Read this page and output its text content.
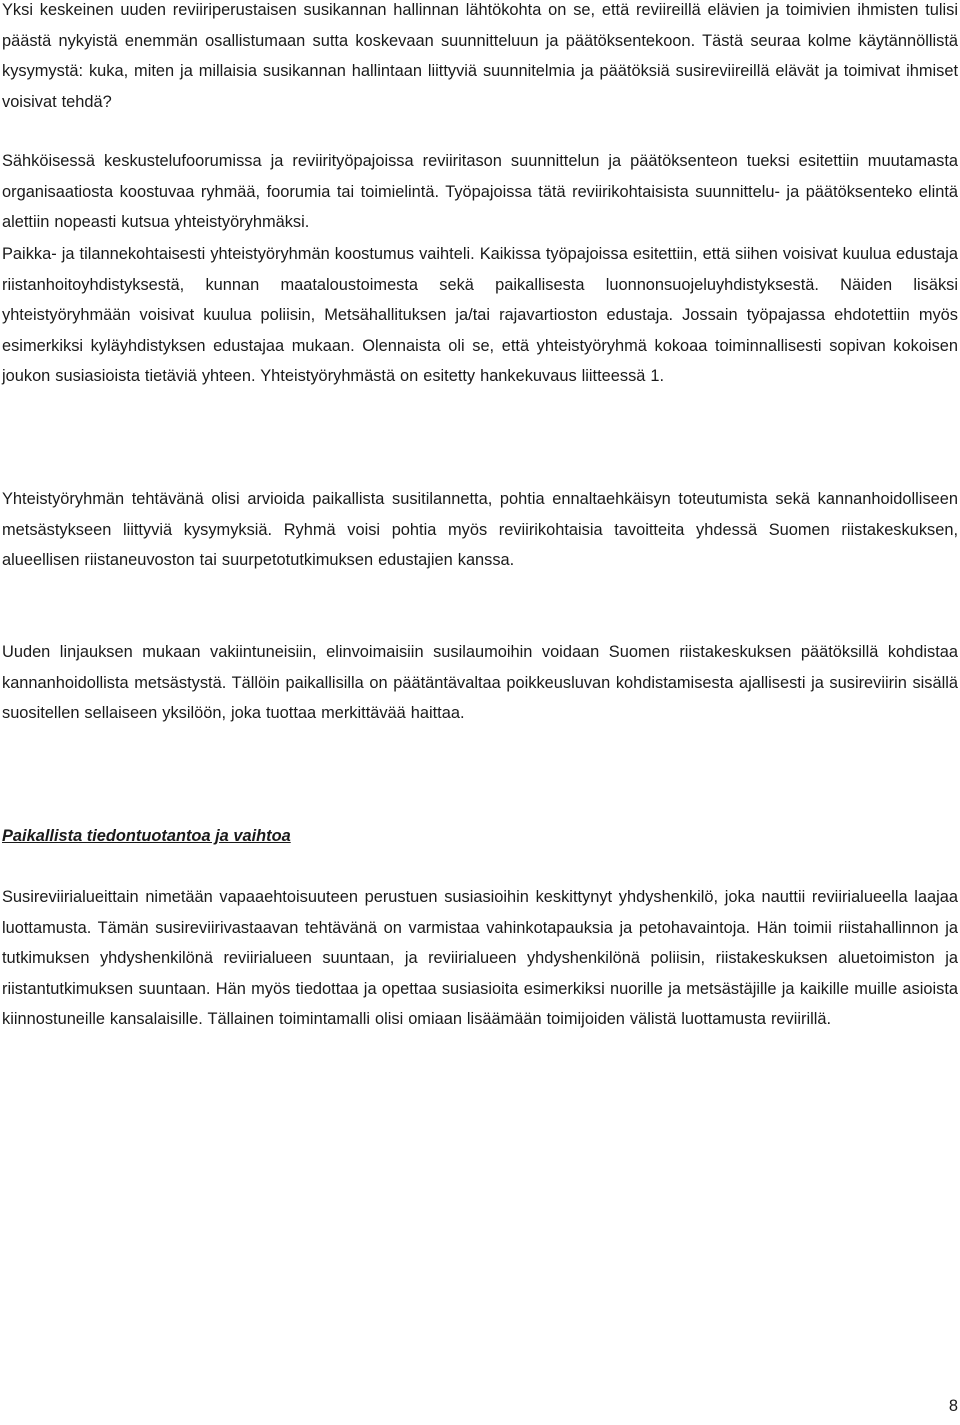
Yksi keskeinen uuden reviiriperustaisen susikannan hallinnan lähtökohta on se, että reviireillä elävien ja toimivien ihmisten tulisi päästä nykyistä enemmän osallistumaan sutta koskevaan suunnitteluun ja päätöksentekoon. Tästä seuraa kolme käytännöllistä kysymystä: kuka, miten ja millaisia susikannan hallintaan liittyviä suunnitelmia ja päätöksiä susireviireillä elävät ja toimivat ihmiset voisivat tehdä?

Sähköisessä keskustelufoorumissa ja reviirityöpajoissa reviiritason suunnittelun ja päätöksenteon tueksi esitettiin muutamasta organisaatiosta koostuvaa ryhmää, foorumia tai toimielintä. Työpajoissa tätä reviirikohtaisista suunnittelu- ja päätöksenteko elintä alettiin nopeasti kutsua yhteistyöryhmäksi.

Paikka- ja tilannekohtaisesti yhteistyöryhmän koostumus vaihteli. Kaikissa työpajoissa esitettiin, että siihen voisivat kuulua edustaja riistanhoitoyhdistyksestä, kunnan maataloustoimesta sekä paikallisesta luonnonsuojeluyhdistyksestä. Näiden lisäksi yhteistyöryhmään voisivat kuulua poliisin, Metsähallituksen ja/tai rajavartioston edustaja. Jossain työpajassa ehdotettiin myös esimerkiksi kyläyhdistyksen edustajaa mukaan. Olennaista oli se, että yhteistyöryhmä kokoaa toiminnallisesti sopivan kokoisen joukon susiasioista tietäviä yhteen. Yhteistyöryhmästä on esitetty hankekuvaus liitteessä 1.

Yhteistyöryhmän tehtävänä olisi arvioida paikallista susitilannetta, pohtia ennaltaehkäisyn toteutumista sekä kannanhoidolliseen metsästykseen liittyviä kysymyksiä. Ryhmä voisi pohtia myös reviirikohtaisia tavoitteita yhdessä Suomen riistakeskuksen, alueellisen riistaneuvoston tai suurpetotutkimuksen edustajien kanssa.

Uuden linjauksen mukaan vakiintuneisiin, elinvoimaisiin susilaumoihin voidaan Suomen riistakeskuksen päätöksillä kohdistaa kannanhoidollista metsästystä. Tällöin paikallisilla on päätäntävaltaa poikkeusluvan kohdistamisesta ajallisesti ja susireviirin sisällä suositellen sellaiseen yksilöön, joka tuottaa merkittävää haittaa.

Paikallista tiedontuotantoa ja vaihtoa

Susireviirialueittain nimetään vapaaehtoisuuteen perustuen susiasioihin keskittynyt yhdyshenkilö, joka nauttii reviirialueella laajaa luottamusta. Tämän susireviirivastaavan tehtävänä on varmistaa vahinkotapauksia ja petohavaintoja. Hän toimii riistahallinnon ja tutkimuksen yhdyshenkilönä reviirialueen suuntaan, ja reviirialueen yhdyshenkilönä poliisin, riistakeskuksen aluetoimiston ja riistantutkimuksen suuntaan. Hän myös tiedottaa ja opettaa susiasioita esimerkiksi nuorille ja metsästäjille ja kaikille muille asioista kiinnostuneille kansalaisille. Tällainen toimintamalli olisi omiaan lisäämään toimijoiden välistä luottamusta reviirillä.

8
